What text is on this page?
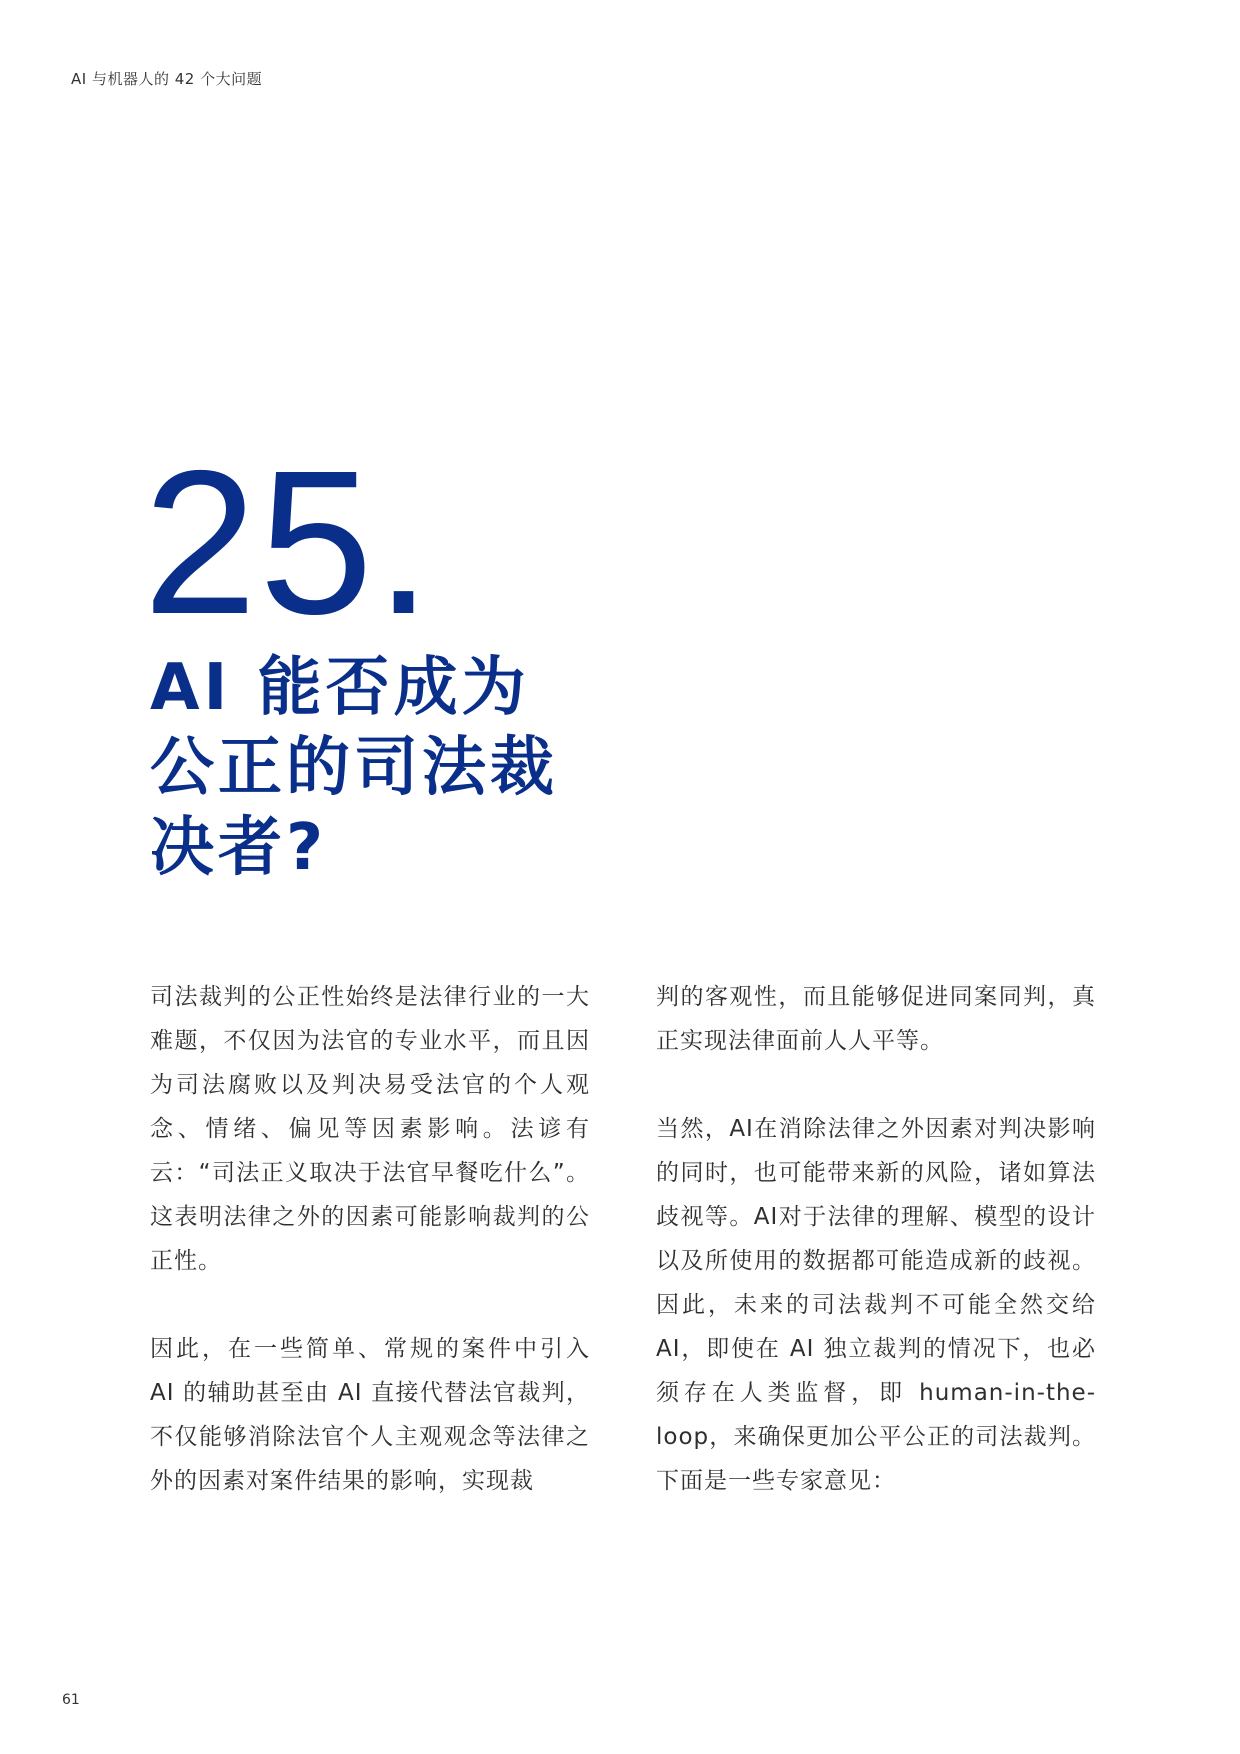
AI 与机器人的 42 个大问题
25.
AI 能否成为公正的司法裁决者?

司法裁判的公正性始终是法律行业的一大难题，不仅因为法官的专业水平，而且因为司法腐败以及判决易受法官的个人观念、情绪、偏见等因素影响。法谚有云：“司法正义取决于法官早餐吃什么”。这表明法律之外的因素可能影响裁判的公正性。

因此，在一些简单、常规的案件中引入 AI 的辅助甚至由 AI 直接代替法官裁判，不仅能够消除法官个人主观观念等法律之外的因素对案件结果的影响，实现裁

判的客观性，而且能够促进同案同判，真正实现法律面前人人平等。

当然，AI在消除法律之外因素对判决影响的同时，也可能带来新的风险，诸如算法歧视等。AI对于法律的理解、模型的设计以及所使用的数据都可能造成新的歧视。因此，未来的司法裁判不可能全然交给 AI，即使在 AI 独立裁判的情况下，也必须存在人类监督，即 human-in-the-loop，来确保更加公平公正的司法裁判。下面是一些专家意见：

61
